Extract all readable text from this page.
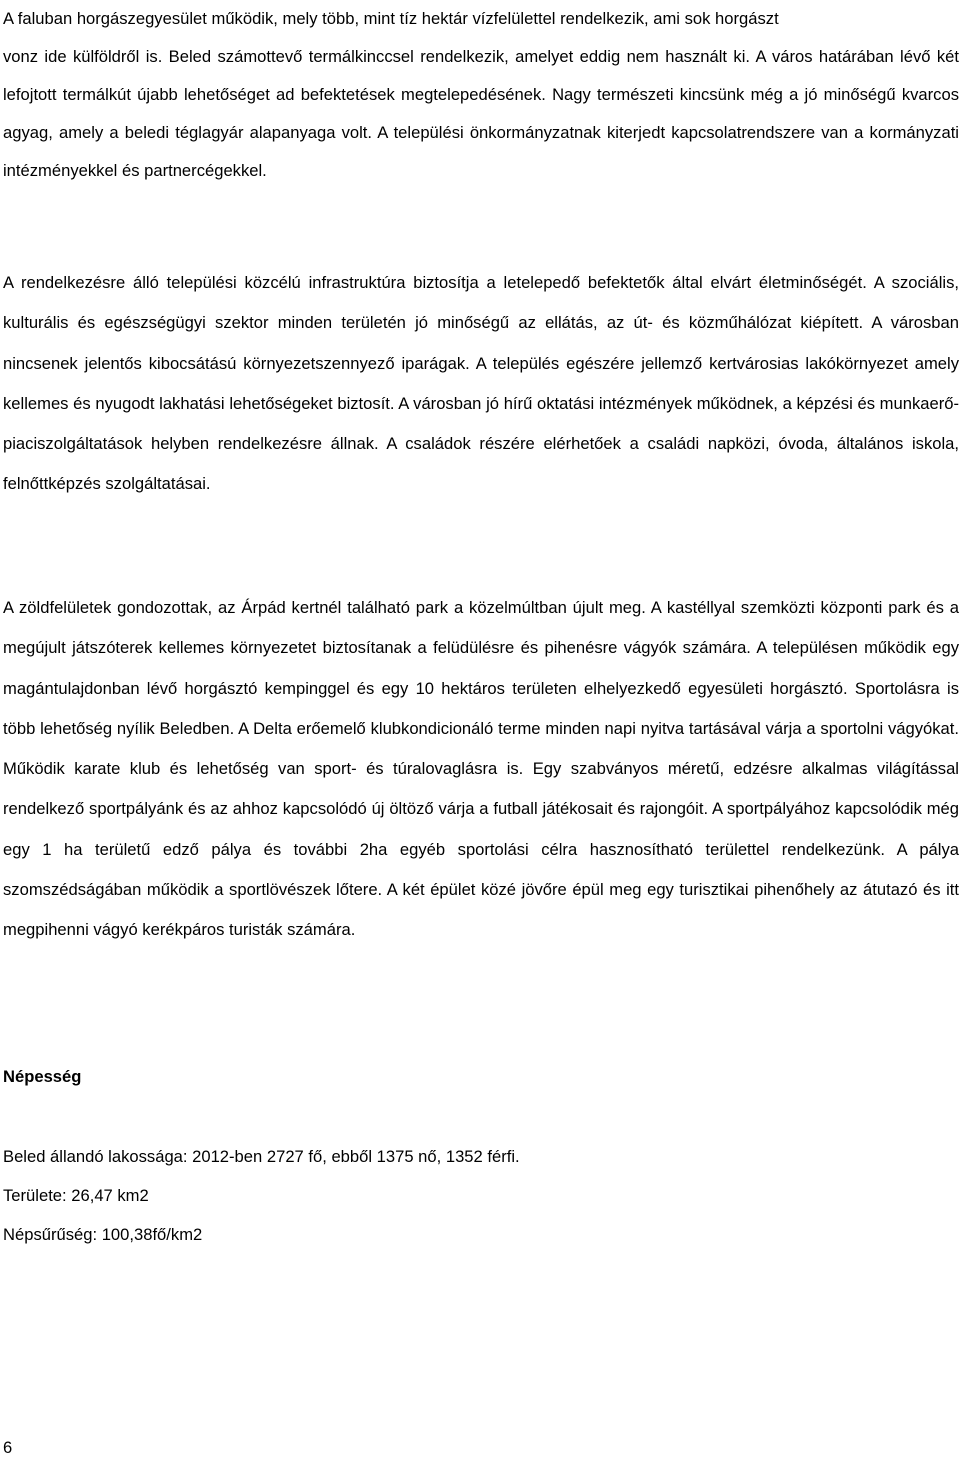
A faluban horgászegyesület működik, mely több, mint tíz hektár vízfelülettel rendelkezik, ami sok horgászt
vonz ide külföldről is. Beled számottevő termálkinccsel rendelkezik, amelyet eddig nem használt ki. A város határában lévő két lefojtott termálkút újabb lehetőséget ad befektetések megtelepedésének. Nagy természeti kincsünk még a jó minőségű kvarcos agyag, amely a beledi téglagyár alapanyaga volt. A települési önkormányzatnak kiterjedt kapcsolatrendszere van a kormányzati intézményekkel és partnercégekkel.

A rendelkezésre álló települési közcélú infrastruktúra biztosítja a letelepedő befektetők által elvárt életminőségét. A szociális, kulturális és egészségügyi szektor minden területén jó minőségű az ellátás, az út- és közműhálózat kiépített. A városban nincsenek jelentős kibocsátású környezetszennyező iparágak. A település egészére jellemző kertvárosias lakókörnyezet amely kellemes és nyugodt lakhatási lehetőségeket biztosít. A városban jó hírű oktatási intézmények működnek, a képzési és munkaerő-piaciszolgáltatások helyben rendelkezésre állnak. A családok részére elérhetőek a családi napközi, óvoda, általános iskola, felnőttképzés szolgáltatásai.

A zöldfelületek gondozottak, az Árpád kertnél található park a közelmúltban újult meg. A kastéllyal szemközti központi park és a megújult játszóterek kellemes környezetet biztosítanak a felüdülésre és pihenésre vágyók számára. A településen működik egy magántulajdonban lévő horgásztó kempinggel és egy 10 hektáros területen elhelyezkedő egyesületi horgásztó. Sportolásra is több lehetőség nyílik Beledben. A Delta erőemelő klubkondicionáló terme minden napi nyitva tartásával várja a sportolni vágyókat. Működik karate klub és lehetőség van sport- és túralovaglásra is. Egy szabványos méretű, edzésre alkalmas világítással rendelkező sportpályánk és az ahhoz kapcsolódó új öltöző várja a futball játékosait és rajongóit. A sportpályához kapcsolódik még egy 1 ha területű edző pálya és további 2ha egyéb sportolási célra hasznosítható területtel rendelkezünk. A pálya szomszédságában működik a sportlövészek lőtere. A két épület közé jövőre épül meg egy turisztikai pihenőhely az átutazó és itt megpihenni vágyó kerékpáros turisták számára.

Népesség

Beled állandó lakossága: 2012-ben 2727 fő, ebből 1375 nő, 1352 férfi.

Területe: 26,47 km2

Népsűrűség: 100,38fő/km2

6
